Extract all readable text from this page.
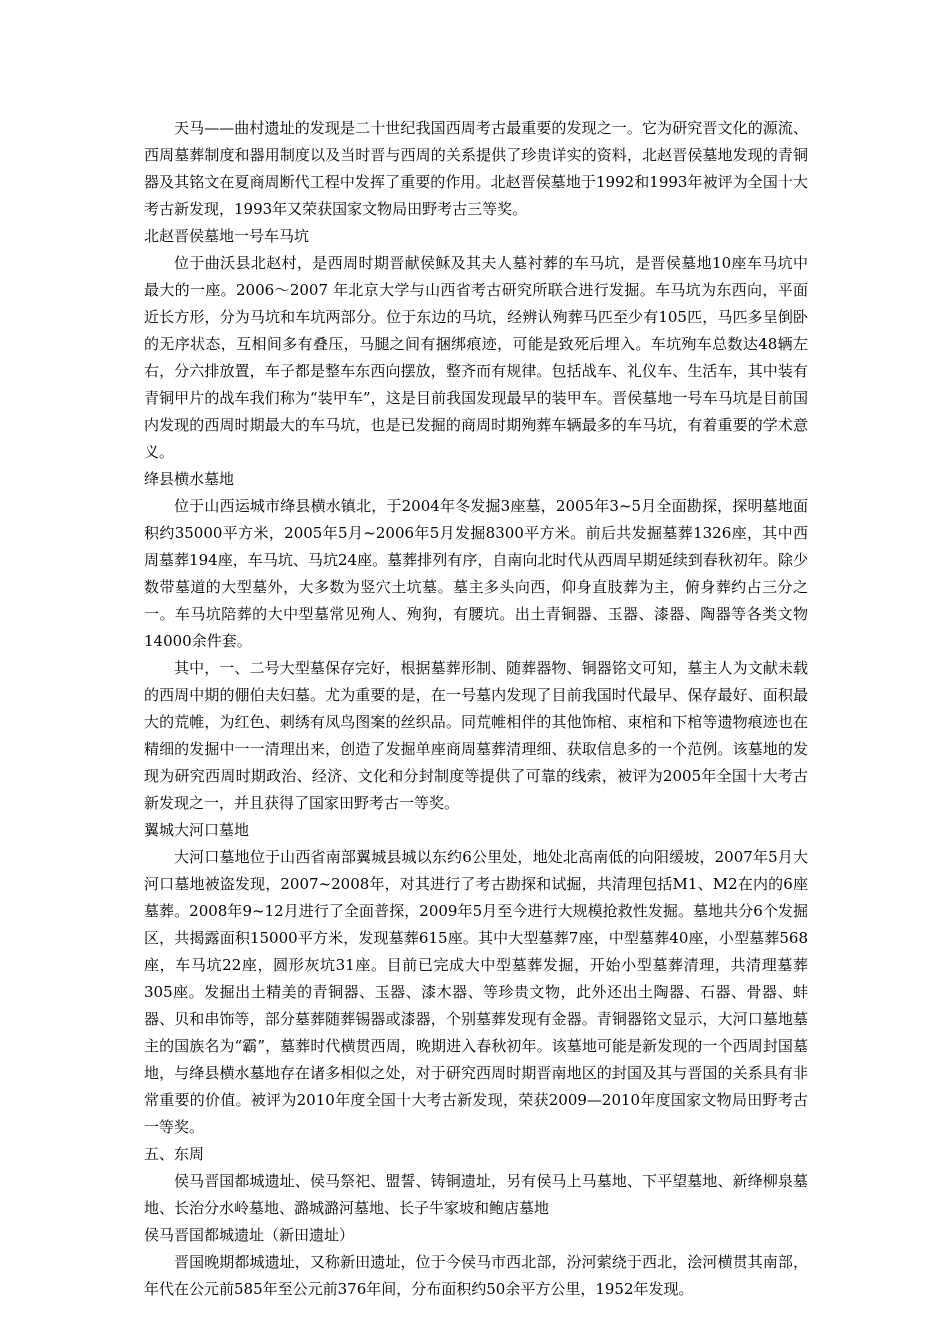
天马——曲村遗址的发现是二十世纪我国西周考古最重要的发现之一。它为研究晋文化的源流、西周墓葬制度和器用制度以及当时晋与西周的关系提供了珍贵详实的资料，北赵晋侯墓地发现的青铜器及其铭文在夏商周断代工程中发挥了重要的作用。北赵晋侯墓地于1992和1993年被评为全国十大考古新发现，1993年又荣获国家文物局田野考古三等奖。

北赵晋侯墓地一号车马坑

位于曲沃县北赵村，是西周时期晋献侯稣及其夫人墓衬葬的车马坑，是晋侯墓地10座车马坑中最大的一座。2006～2007 年北京大学与山西省考古研究所联合进行发掘。车马坑为东西向，平面近长方形，分为马坑和车坑两部分。位于东边的马坑，经辨认殉葬马匹至少有105匹，马匹多呈倒卧的无序状态，互相间多有叠压，马腿之间有捆绑痕迹，可能是致死后埋入。车坑殉车总数达48辆左右，分六排放置，车子都是整车东西向摆放，整齐而有规律。包括战车、礼仪车、生活车，其中装有青铜甲片的战车我们称为“装甲车”，这是目前我国发现最早的装甲车。晋侯墓地一号车马坑是目前国内发现的西周时期最大的车马坑，也是已发掘的商周时期殉葬车辆最多的车马坑，有着重要的学术意义。

绛县横水墓地

位于山西运城市绛县横水镇北，于2004年冬发掘3座墓，2005年3~5月全面勘探，探明墓地面积约35000平方米，2005年5月~2006年5月发掘8300平方米。前后共发掘墓葬1326座，其中西周墓葬194座，车马坑、马坑24座。墓葬排列有序，自南向北时代从西周早期延续到春秋初年。除少数带墓道的大型墓外，大多数为竖穴土坑墓。墓主多头向西，仰身直肢葬为主，俯身葬约占三分之一。车马坑陪葬的大中型墓常见殉人、殉狗，有腰坑。出土青铜器、玉器、漆器、陶器等各类文物14000余件套。

其中，一、二号大型墓保存完好，根据墓葬形制、随葬器物、铜器铭文可知，墓主人为文献未载的西周中期的倗伯夫妇墓。尤为重要的是，在一号墓内发现了目前我国时代最早、保存最好、面积最大的荒帷，为红色、刺绣有凤鸟图案的丝织品。同荒帷相伴的其他饰棺、束棺和下棺等遗物痕迹也在精细的发掘中一一清理出来，创造了发掘单座商周墓葬清理细、获取信息多的一个范例。该墓地的发现为研究西周时期政治、经济、文化和分封制度等提供了可靠的线索，被评为2005年全国十大考古新发现之一，并且获得了国家田野考古一等奖。

翼城大河口墓地

大河口墓地位于山西省南部翼城县城以东约6公里处，地处北高南低的向阳缓坡，2007年5月大河口墓地被盗发现，2007~2008年，对其进行了考古勘探和试掘，共清理包括M1、M2在内的6座墓葬。2008年9~12月进行了全面普探，2009年5月至今进行大规模抢救性发掘。墓地共分6个发掘区，共揭露面积15000平方米，发现墓葬615座。其中大型墓葬7座，中型墓葬40座，小型墓葬568座，车马坑22座，圆形灰坑31座。目前已完成大中型墓葬发掘，开始小型墓葬清理，共清理墓葬305座。发掘出土精美的青铜器、玉器、漆木器、等珍贵文物，此外还出土陶器、石器、骨器、蚌器、贝和串饰等，部分墓葬随葬锡器或漆器，个别墓葬发现有金器。青铜器铭文显示，大河口墓地墓主的国族名为“霸”，墓葬时代横贯西周，晚期进入春秋初年。该墓地可能是新发现的一个西周封国墓地，与绛县横水墓地存在诸多相似之处，对于研究西周时期晋南地区的封国及其与晋国的关系具有非常重要的价值。被评为2010年度全国十大考古新发现，荣获2009—2010年度国家文物局田野考古一等奖。

五、东周

侯马晋国都城遗址、侯马祭祀、盟誓、铸铜遗址，另有侯马上马墓地、下平望墓地、新绛柳泉墓地、长治分水岭墓地、潞城潞河墓地、长子牛家坡和鲍店墓地

侯马晋国都城遗址（新田遗址）

晋国晚期都城遗址，又称新田遗址，位于今侯马市西北部，汾河萦绕于西北，浍河横贯其南部，年代在公元前585年至公元前376年间，分布面积约50余平方公里，1952年发现。
